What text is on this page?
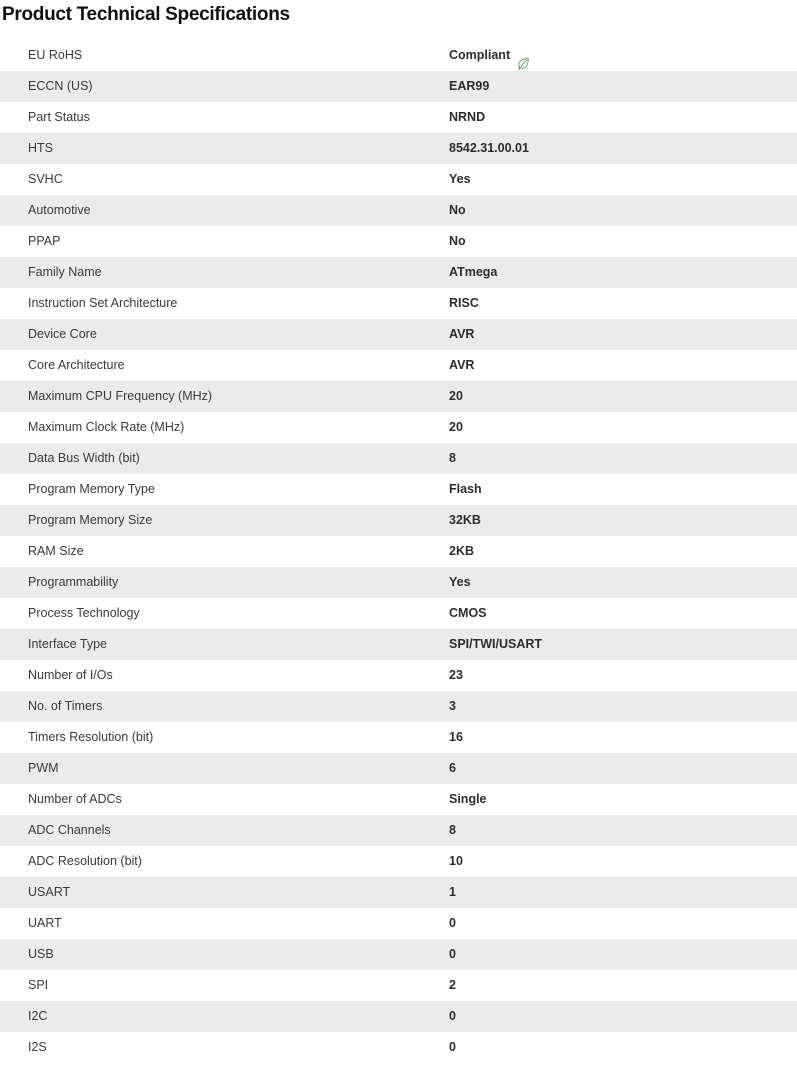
Product Technical Specifications
EU RoHS	Compliant

ECCN (US)	EAR99

Part Status	NRND

HTS	8542.31.00.01

SVHC	Yes

Automotive	No

PPAP	No

Family Name	ATmega

Instruction Set Architecture	RISC

Device Core	AVR

Core Architecture	AVR

Maximum CPU Frequency (MHz)	20

Maximum Clock Rate (MHz)	20

Data Bus Width (bit)	8

Program Memory Type	Flash

Program Memory Size	32KB

RAM Size	2KB

Programmability	Yes

Process Technology	CMOS

Interface Type	SPI/TWI/USART

Number of I/Os	23

No. of Timers	3

Timers Resolution (bit)	16

PWM	6

Number of ADCs	Single

ADC Channels	8

ADC Resolution (bit)	10

USART	1

UART	0

USB	0

SPI	2

I2C	0

I2S	0
